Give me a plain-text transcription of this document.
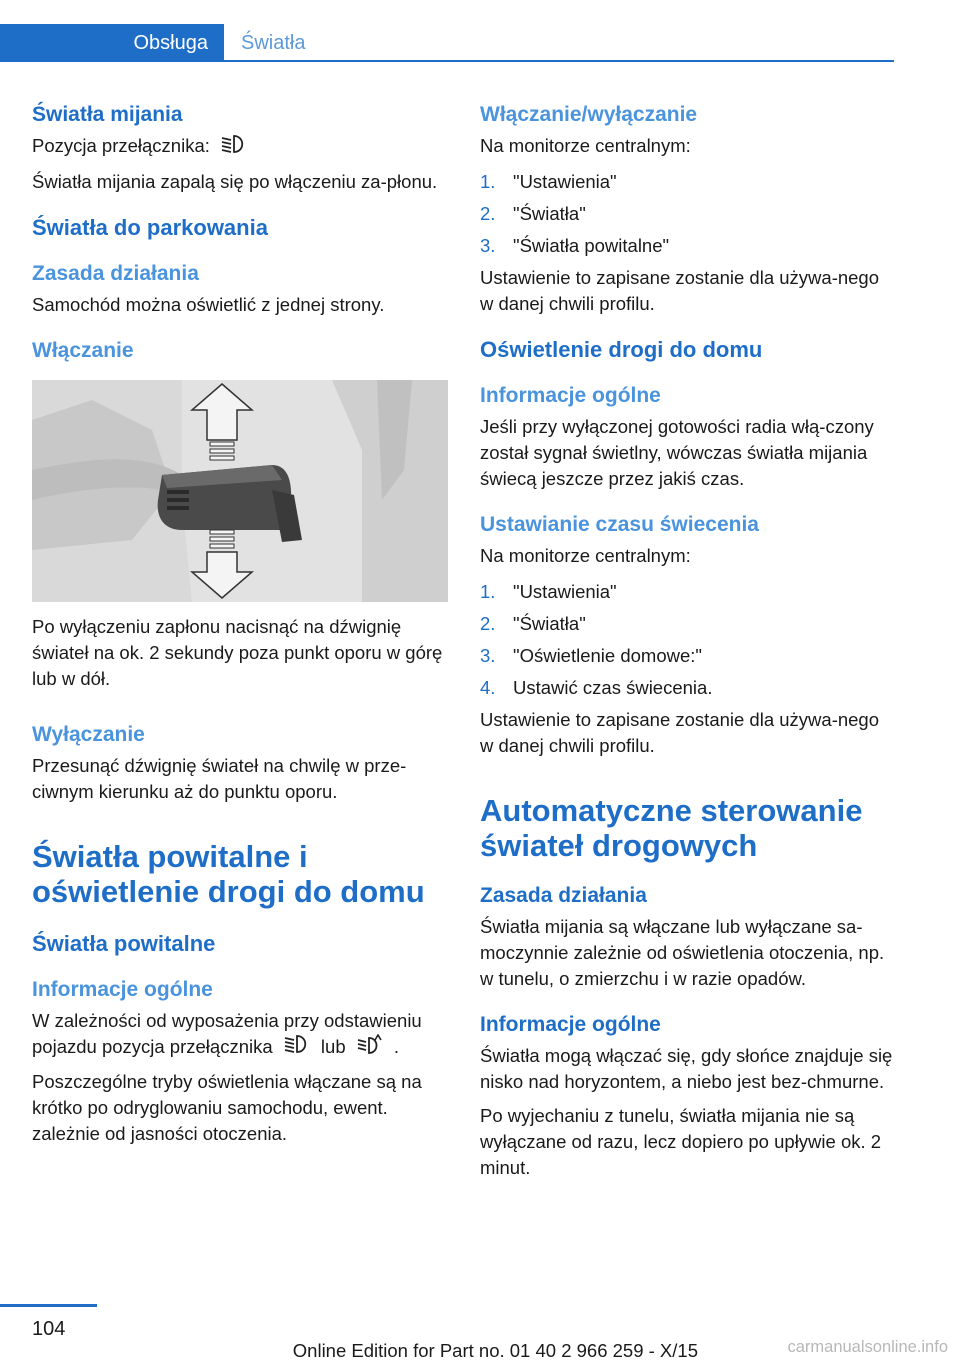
Obsługa	Światła
Światła mijania
Pozycja przełącznika:
Światła mijania zapalą się po włączeniu za‐płonu.
Światła do parkowania
Zasada działania
Samochód można oświetlić z jednej strony.
Włączanie
Po wyłączeniu zapłonu nacisnąć na dźwignię świateł na ok. 2 sekundy poza punkt oporu w górę lub w dół.
Wyłączanie
Przesunąć dźwignię świateł na chwilę w prze‐ciwnym kierunku aż do punktu oporu.
Światła powitalne i oświetlenie drogi do domu
Światła powitalne
Informacje ogólne
W zależności od wyposażenia przy odstawieniu pojazdu pozycja przełącznika	lub	.
Poszczególne tryby oświetlenia włączane są na krótko po odryglowaniu samochodu, ewent. zależnie od jasności otoczenia.
Włączanie/wyłączanie
Na monitorze centralnym:
1. "Ustawienia"
2. "Światła"
3. "Światła powitalne"
Ustawienie to zapisane zostanie dla używa‐nego w danej chwili profilu.
Oświetlenie drogi do domu
Informacje ogólne
Jeśli przy wyłączonej gotowości radia włą‐czony został sygnał świetlny, wówczas światła mijania świecą jeszcze przez jakiś czas.
Ustawianie czasu świecenia
Na monitorze centralnym:
1. "Ustawienia"
2. "Światła"
3. "Oświetlenie domowe:"
4. Ustawić czas świecenia.
Ustawienie to zapisane zostanie dla używa‐nego w danej chwili profilu.
Automatyczne sterowanie świateł drogowych
Zasada działania
Światła mijania są włączane lub wyłączane sa‐moczynnie zależnie od oświetlenia otoczenia, np. w tunelu, o zmierzchu i w razie opadów.
Informacje ogólne
Światła mogą włączać się, gdy słońce znajduje się nisko nad horyzontem, a niebo jest bez‐chmurne.
Po wyjechaniu z tunelu, światła mijania nie są wyłączane od razu, lecz dopiero po upływie ok. 2 minut.
104
Online Edition for Part no. 01 40 2 966 259 - X/15	carmanualsonline.info
